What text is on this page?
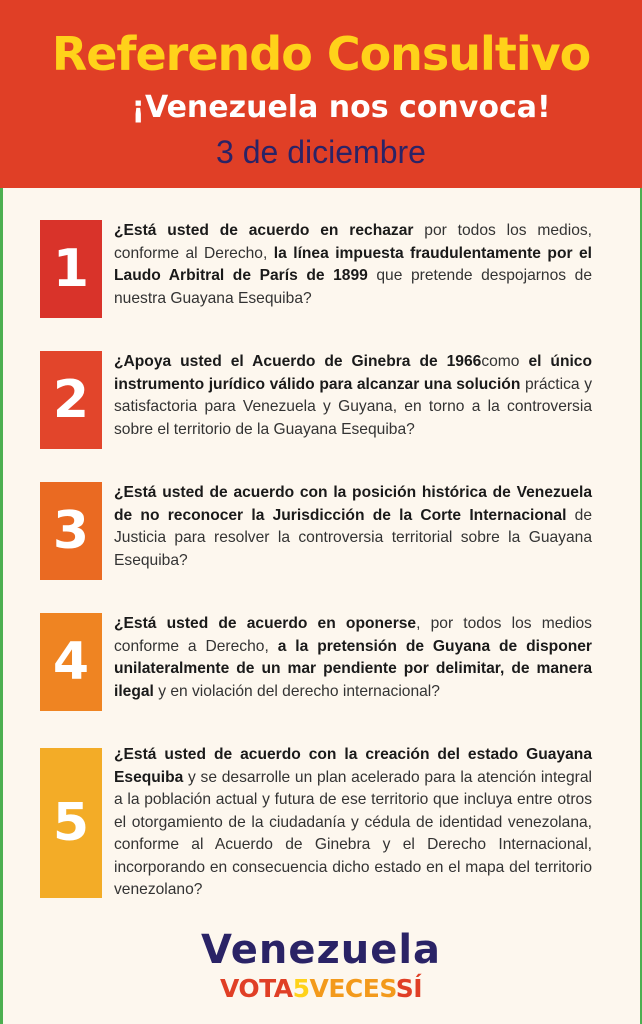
Referendo Consultivo
¡Venezuela nos convoca!
3 de diciembre
1
¿Está usted de acuerdo en rechazar por todos los medios, conforme al Derecho, la línea impuesta fraudulentamente por el Laudo Arbitral de París de 1899 que pretende despojarnos de nuestra Guayana Esequiba?
2
¿Apoya usted el Acuerdo de Ginebra de 1966como el único instrumento jurídico válido para alcanzar una solución práctica y satisfactoria para Venezuela y Guyana, en torno a la controversia sobre el territorio de la Guayana Esequiba?
3
¿Está usted de acuerdo con la posición histórica de Venezuela de no reconocer la Jurisdicción de la Corte Internacional de Justicia para resolver la controversia territorial sobre la Guayana Esequiba?
4
¿Está usted de acuerdo en oponerse, por todos los medios conforme a Derecho, a la pretensión de Guyana de disponer unilateralmente de un mar pendiente por delimitar, de manera ilegal y en violación del derecho internacional?
5
¿Está usted de acuerdo con la creación del estado Guayana Esequiba y se desarrolle un plan acelerado para la atención integral a la población actual y futura de ese territorio que incluya entre otros el otorgamiento de la ciudadanía y cédula de identidad venezolana, conforme al Acuerdo de Ginebra y el Derecho Internacional, incorporando en consecuencia dicho estado en el mapa del territorio venezolano?
Venezuela
VOTA5VECESSÍ
